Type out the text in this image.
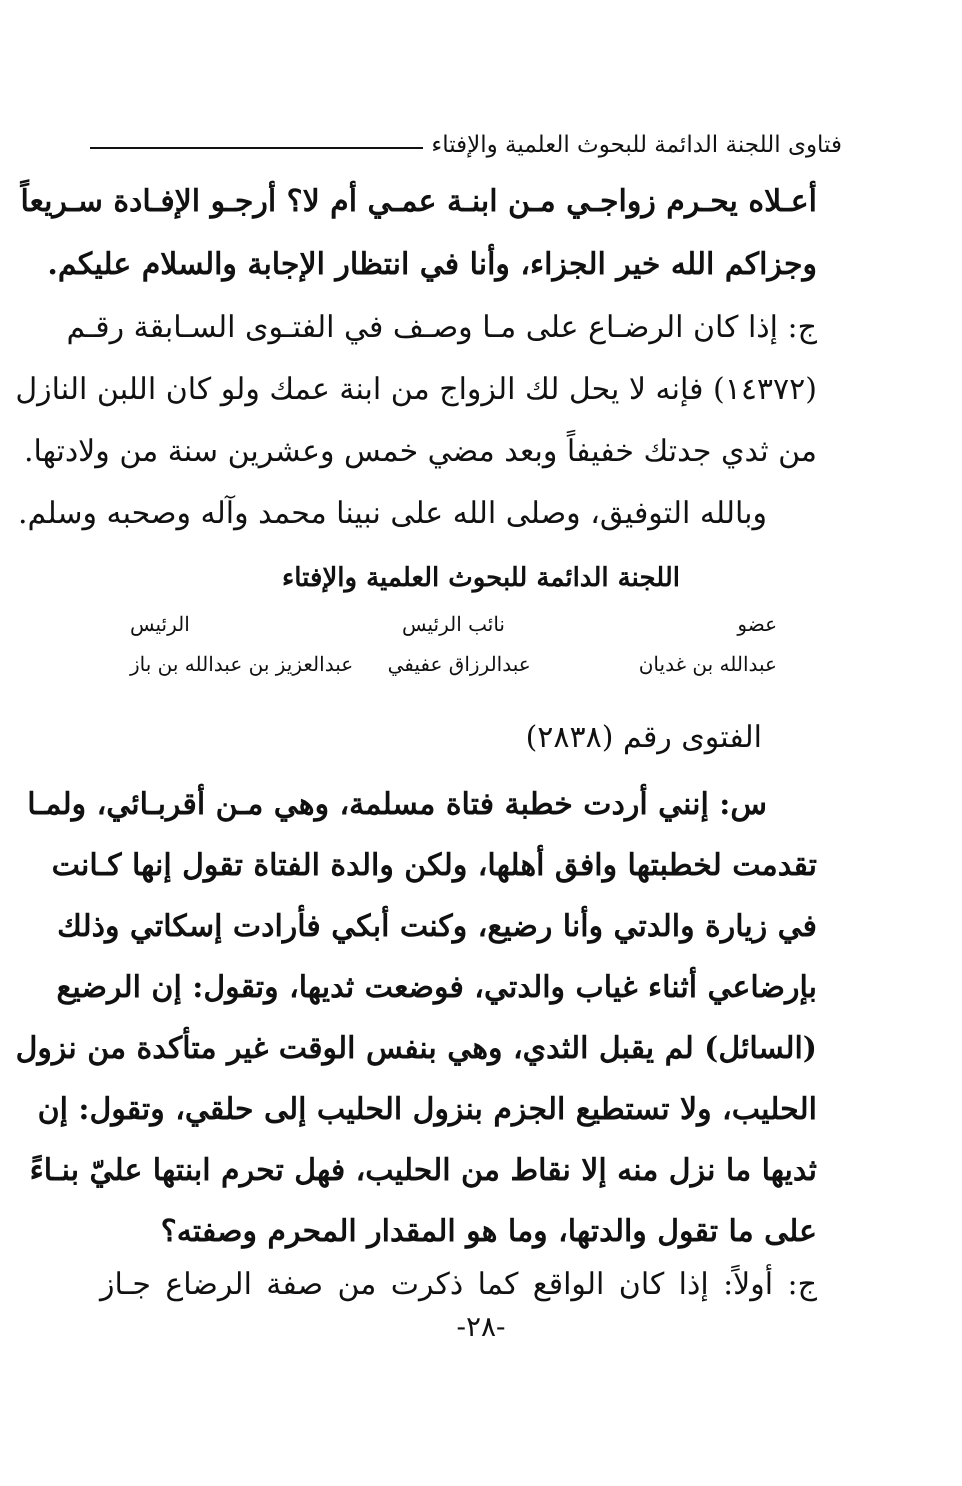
فتاوى اللجنة الدائمة للبحوث العلمية والإفتاء
أعـلاه يحـرم زواجـي مـن ابنـة عمـي أم لا؟ أرجـو الإفـادة سـريعاً
وجزاكم الله خير الجزاء، وأنا في انتظار الإجابة والسلام عليكم.
ج: إذا كان الرضـاع على مـا وصـف في الفتـوى السـابقة رقـم
(١٤٣٧٢) فإنه لا يحل لك الزواج من ابنة عمك ولو كان اللبن النازل
من ثدي جدتك خفيفاً وبعد مضي خمس وعشرين سنة من ولادتها.
وبالله التوفيق، وصلى الله على نبينا محمد وآله وصحبه وسلم.
اللجنة الدائمة للبحوث العلمية والإفتاء
عضو
نائب الرئيس
الرئيس
عبدالله بن غديان
عبدالرزاق عفيفي
عبدالعزيز بن عبدالله بن باز
الفتوى رقم (٢٨٣٨)
س: إنني أردت خطبة فتاة مسلمة، وهي مـن أقربـائي، ولمـا
تقدمت لخطبتها وافق أهلها، ولكن والدة الفتاة تقول إنها كـانت
في زيارة والدتي وأنا رضيع، وكنت أبكي فأرادت إسكاتي وذلك
بإرضاعي أثناء غياب والدتي، فوضعت ثديها، وتقول: إن الرضيع
(السائل) لم يقبل الثدي، وهي بنفس الوقت غير متأكدة من نزول
الحليب، ولا تستطيع الجزم بنزول الحليب إلى حلقي، وتقول: إن
ثديها ما نزل منه إلا نقاط من الحليب، فهل تحرم ابنتها عليّ بنـاءً
على ما تقول والدتها، وما هو المقدار المحرم وصفته؟
ج: أولاً: إذا كان الواقع كما ذكرت من صفة الرضاع جـاز
-٢٨-
